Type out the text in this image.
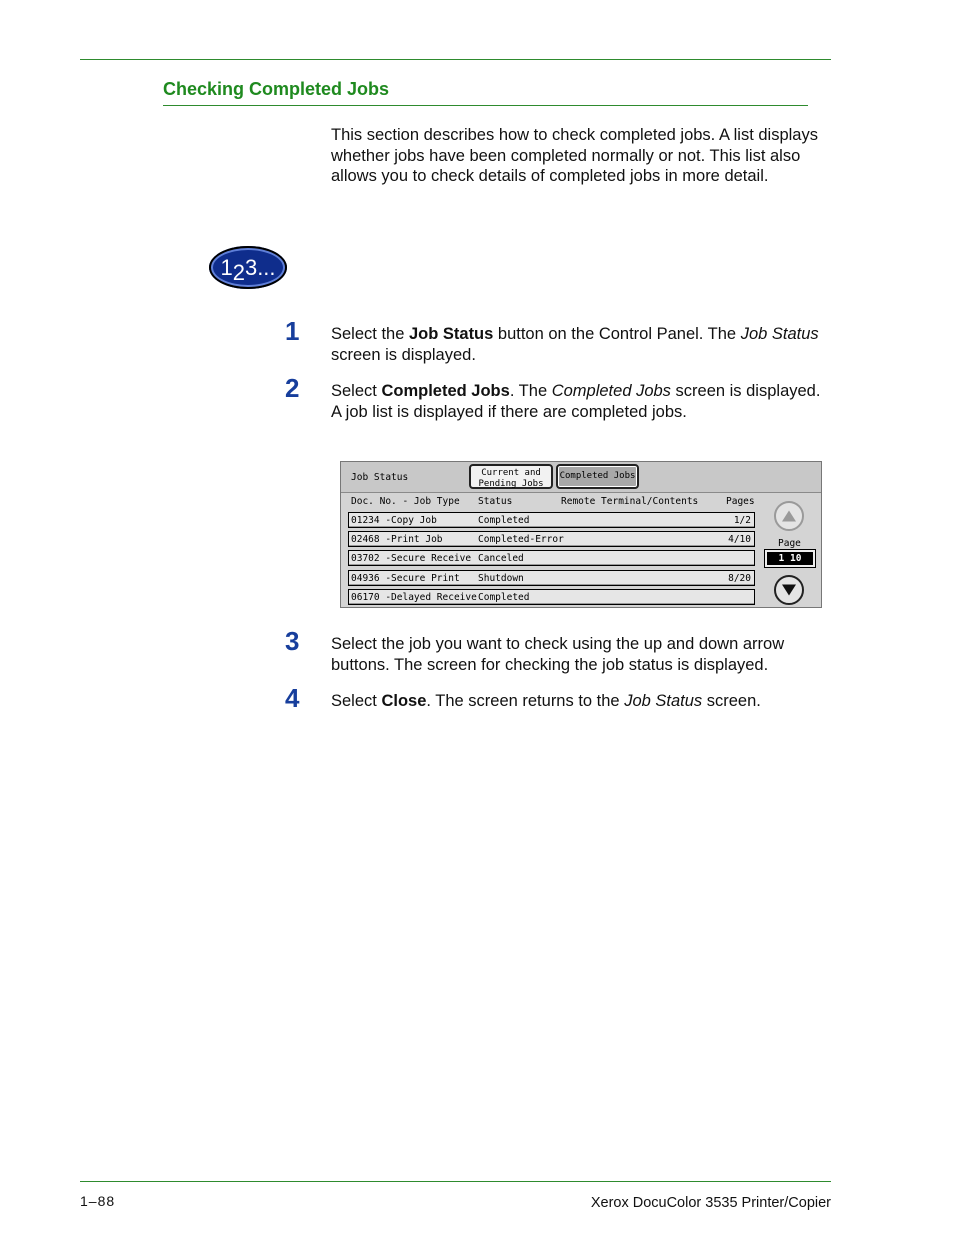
Checking Completed Jobs
This section describes how to check completed jobs. A list displays whether jobs have been completed normally or not. This list also allows you to check details of completed jobs in more detail.
123...
1	Select the Job Status button on the Control Panel. The Job Status screen is displayed.
2	Select Completed Jobs. The Completed Jobs screen is displayed. A job list is displayed if there are completed jobs.
Job Status	Current and
Pending Jobs
Completed Jobs
Doc. No. - Job Type Status	Remote Terminal/Contents	Pages
01234 -Copy Job	Completed	1/2
02468 -Print Job	Completed-Error	4/10
03702 -Secure Receive Canceled
04936 -Secure Print Shutdown	8/20
06170 -Delayed Receive Completed
Page
1 10
3	Select the job you want to check using the up and down arrow buttons. The screen for checking the job status is displayed.
4	Select Close. The screen returns to the Job Status screen.
1–88	Xerox DocuColor 3535 Printer/Copier
